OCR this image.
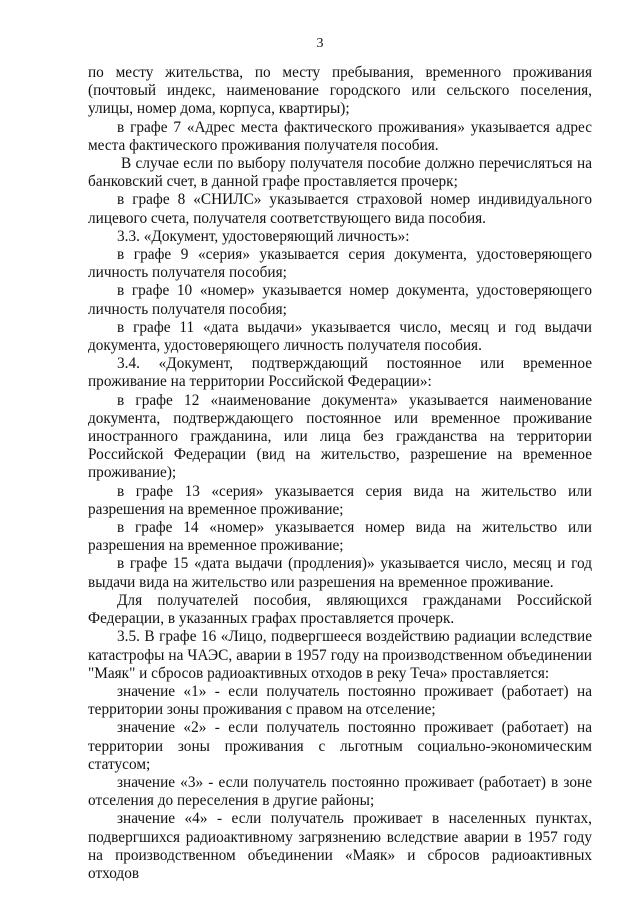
3

по месту жительства, по месту пребывания, временного проживания (почтовый индекс, наименование городского или сельского поселения, улицы, номер дома, корпуса, квартиры);

в графе 7 «Адрес места фактического проживания» указывается адрес места фактического проживания получателя пособия.

В случае если по выбору получателя пособие должно перечисляться на банковский счет, в данной графе проставляется прочерк;

в графе 8 «СНИЛС» указывается страховой номер индивидуального лицевого счета, получателя соответствующего вида пособия.

3.3. «Документ, удостоверяющий личность»:

в графе 9 «серия» указывается серия документа, удостоверяющего личность получателя пособия;

в графе 10 «номер» указывается номер документа, удостоверяющего личность получателя пособия;

в графе 11 «дата выдачи» указывается число, месяц и год выдачи документа, удостоверяющего личность получателя пособия.

3.4. «Документ, подтверждающий постоянное или временное проживание на территории Российской Федерации»:

в графе 12 «наименование документа» указывается наименование документа, подтверждающего постоянное или временное проживание иностранного гражданина, или лица без гражданства на территории Российской Федерации (вид на жительство, разрешение на временное проживание);

в графе 13 «серия» указывается серия вида на жительство или разрешения на временное проживание;

в графе 14 «номер» указывается номер вида на жительство или разрешения на временное проживание;

в графе 15 «дата выдачи (продления)» указывается число, месяц и год выдачи вида на жительство или разрешения на временное проживание.

Для получателей пособия, являющихся гражданами Российской Федерации, в указанных графах проставляется прочерк.

3.5. В графе 16 «Лицо, подвергшееся воздействию радиации вследствие катастрофы на ЧАЭС, аварии в 1957 году на производственном объединении "Маяк" и сбросов радиоактивных отходов в реку Теча» проставляется:

значение «1» - если получатель постоянно проживает (работает) на территории зоны проживания с правом на отселение;

значение «2» - если получатель постоянно проживает (работает) на территории зоны проживания с льготным социально-экономическим статусом;

значение «3» - если получатель постоянно проживает (работает) в зоне отселения до переселения в другие районы;

значение «4» - если получатель проживает в населенных пунктах, подвергшихся радиоактивному загрязнению вследствие аварии в 1957 году на производственном объединении «Маяк» и сбросов радиоактивных отходов
